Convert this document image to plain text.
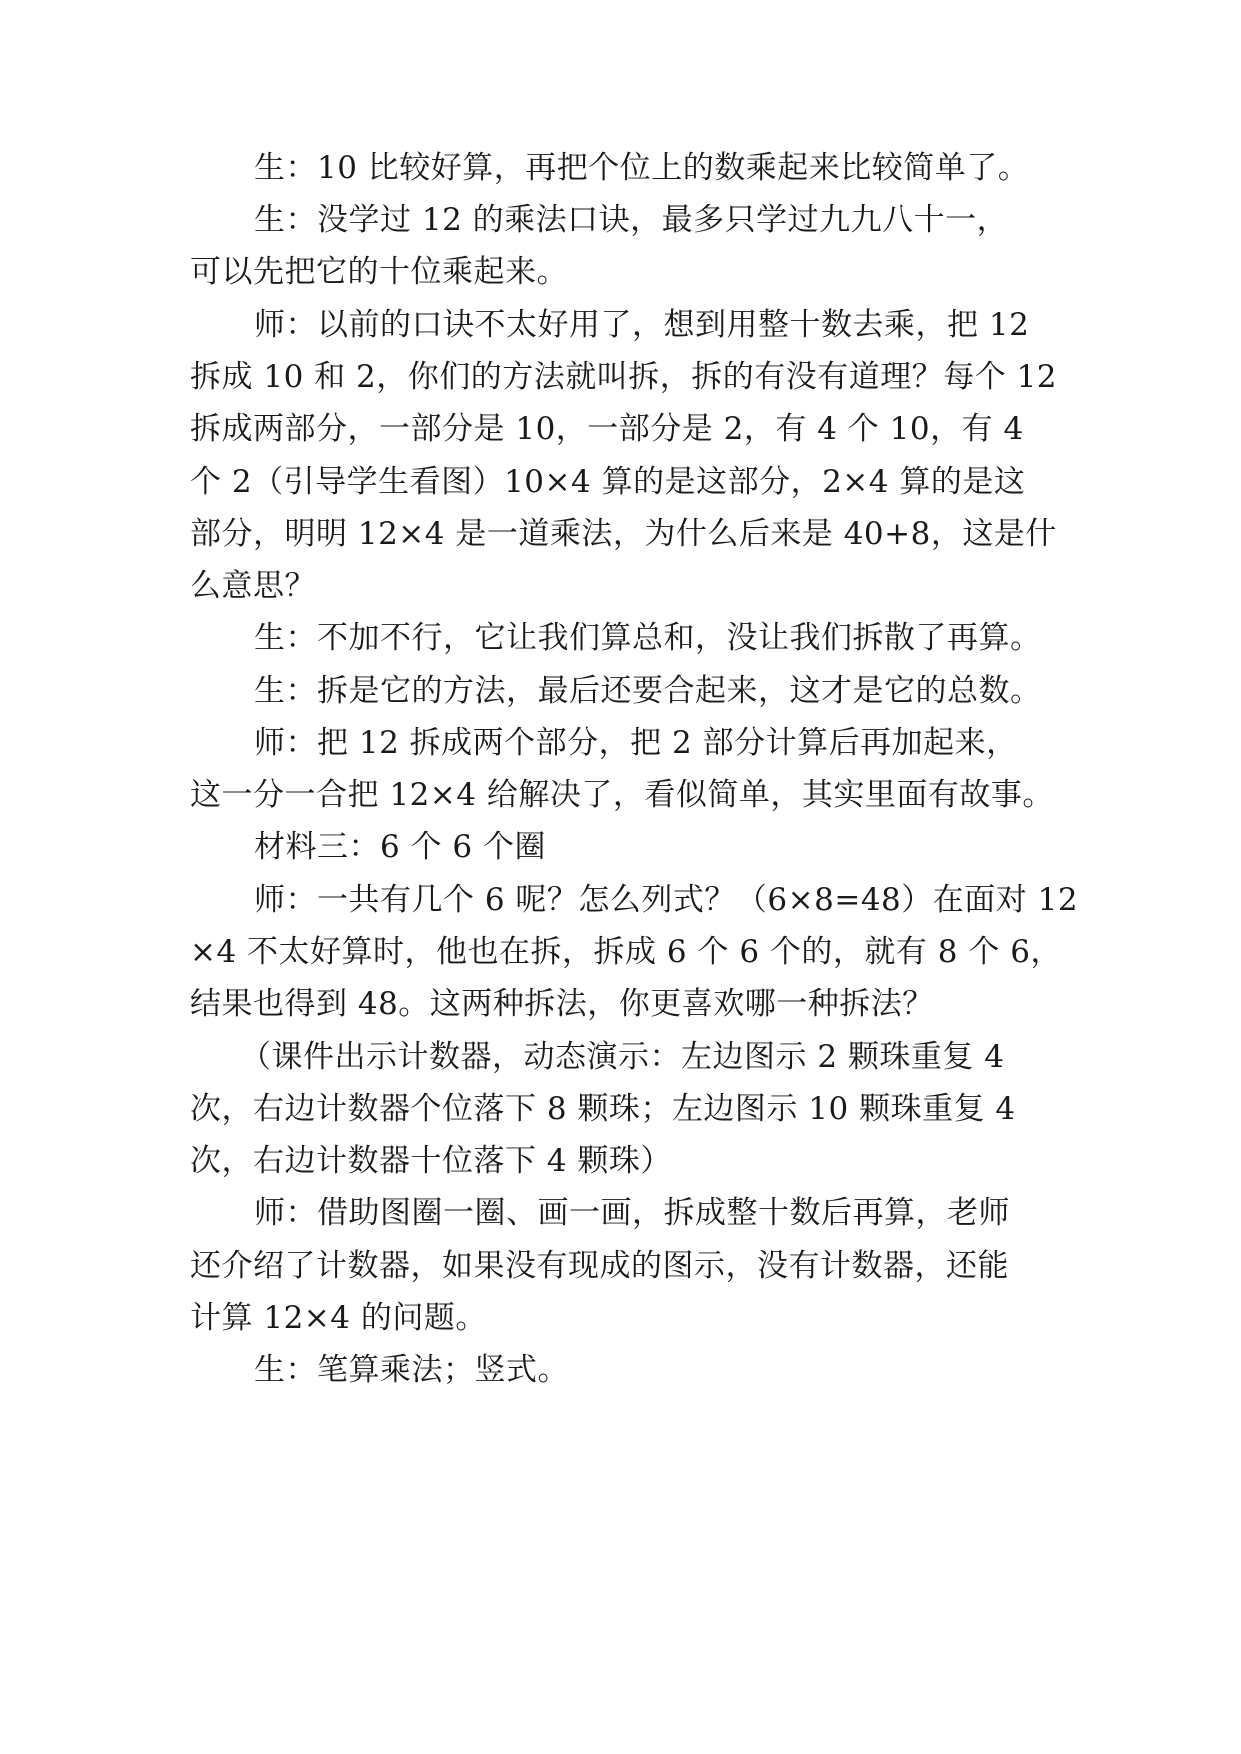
生：10 比较好算，再把个位上的数乘起来比较简单了。
生：没学过 12 的乘法口诀，最多只学过九九八十一，
可以先把它的十位乘起来。
师：以前的口诀不太好用了，想到用整十数去乘，把 12
拆成 10 和 2，你们的方法就叫拆，拆的有没有道理？每个 12
拆成两部分，一部分是 10，一部分是 2，有 4 个 10，有 4
个 2（引导学生看图）10×4 算的是这部分，2×4 算的是这
部分，明明 12×4 是一道乘法，为什么后来是 40+8，这是什
么意思？
生：不加不行，它让我们算总和，没让我们拆散了再算。
生：拆是它的方法，最后还要合起来，这才是它的总数。
师：把 12 拆成两个部分，把 2 部分计算后再加起来，
这一分一合把 12×4 给解决了，看似简单，其实里面有故事。
材料三：6 个 6 个圈
师：一共有几个 6 呢？怎么列式？（6×8=48）在面对 12
×4 不太好算时，他也在拆，拆成 6 个 6 个的，就有 8 个 6，
结果也得到 48。这两种拆法，你更喜欢哪一种拆法？
（课件出示计数器，动态演示：左边图示 2 颗珠重复 4
次，右边计数器个位落下 8 颗珠；左边图示 10 颗珠重复 4
次，右边计数器十位落下 4 颗珠）
师：借助图圈一圈、画一画，拆成整十数后再算，老师
还介绍了计数器，如果没有现成的图示，没有计数器，还能
计算 12×4 的问题。
生：笔算乘法；竖式。
